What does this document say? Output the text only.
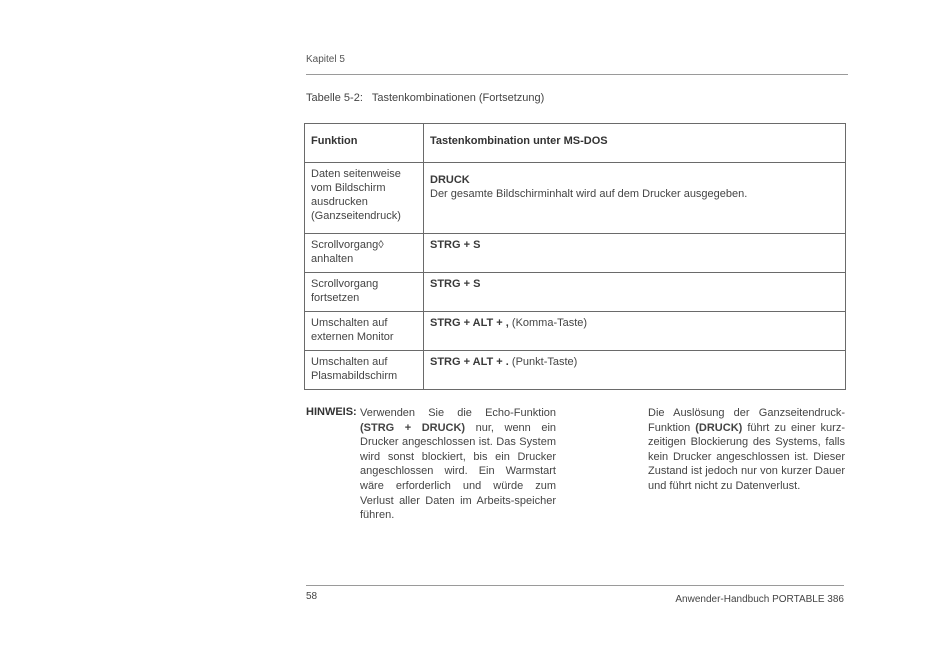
Kapitel 5
Tabelle 5-2: Tastenkombinationen (Fortsetzung)
Funktion	Tastenkombination unter MS-DOS
Daten seitenweise vom Bildschirm ausdrucken (Ganzseitendruck)	DRUCK
Der gesamte Bildschirminhalt wird auf dem Drucker ausgegeben.
Scrollvorgang◊ anhalten	STRG + S

Scrollvorgang fortsetzen	STRG + S

Umschalten auf externen Monitor	STRG + ALT + , (Komma-Taste)
Umschalten auf Plasmabildschirm	STRG + ALT + . (Punkt-Taste)
HINWEIS: Verwenden Sie die Echo-Funktion (STRG + DRUCK) nur, wenn ein Drucker angeschlossen ist. Das System wird sonst blockiert, bis ein Drucker angeschlossen wird. Ein Warmstart wäre erforderlich und würde zum Verlust aller Daten im Arbeits-speicher führen.
Die Auslösung der Ganzseitendruck-Funktion (DRUCK) führt zu einer kurz-zeitigen Blockierung des Systems, falls kein Drucker angeschlossen ist. Dieser Zustand ist jedoch nur von kurzer Dauer und führt nicht zu Datenverlust.
58	Anwender-Handbuch PORTABLE 386
